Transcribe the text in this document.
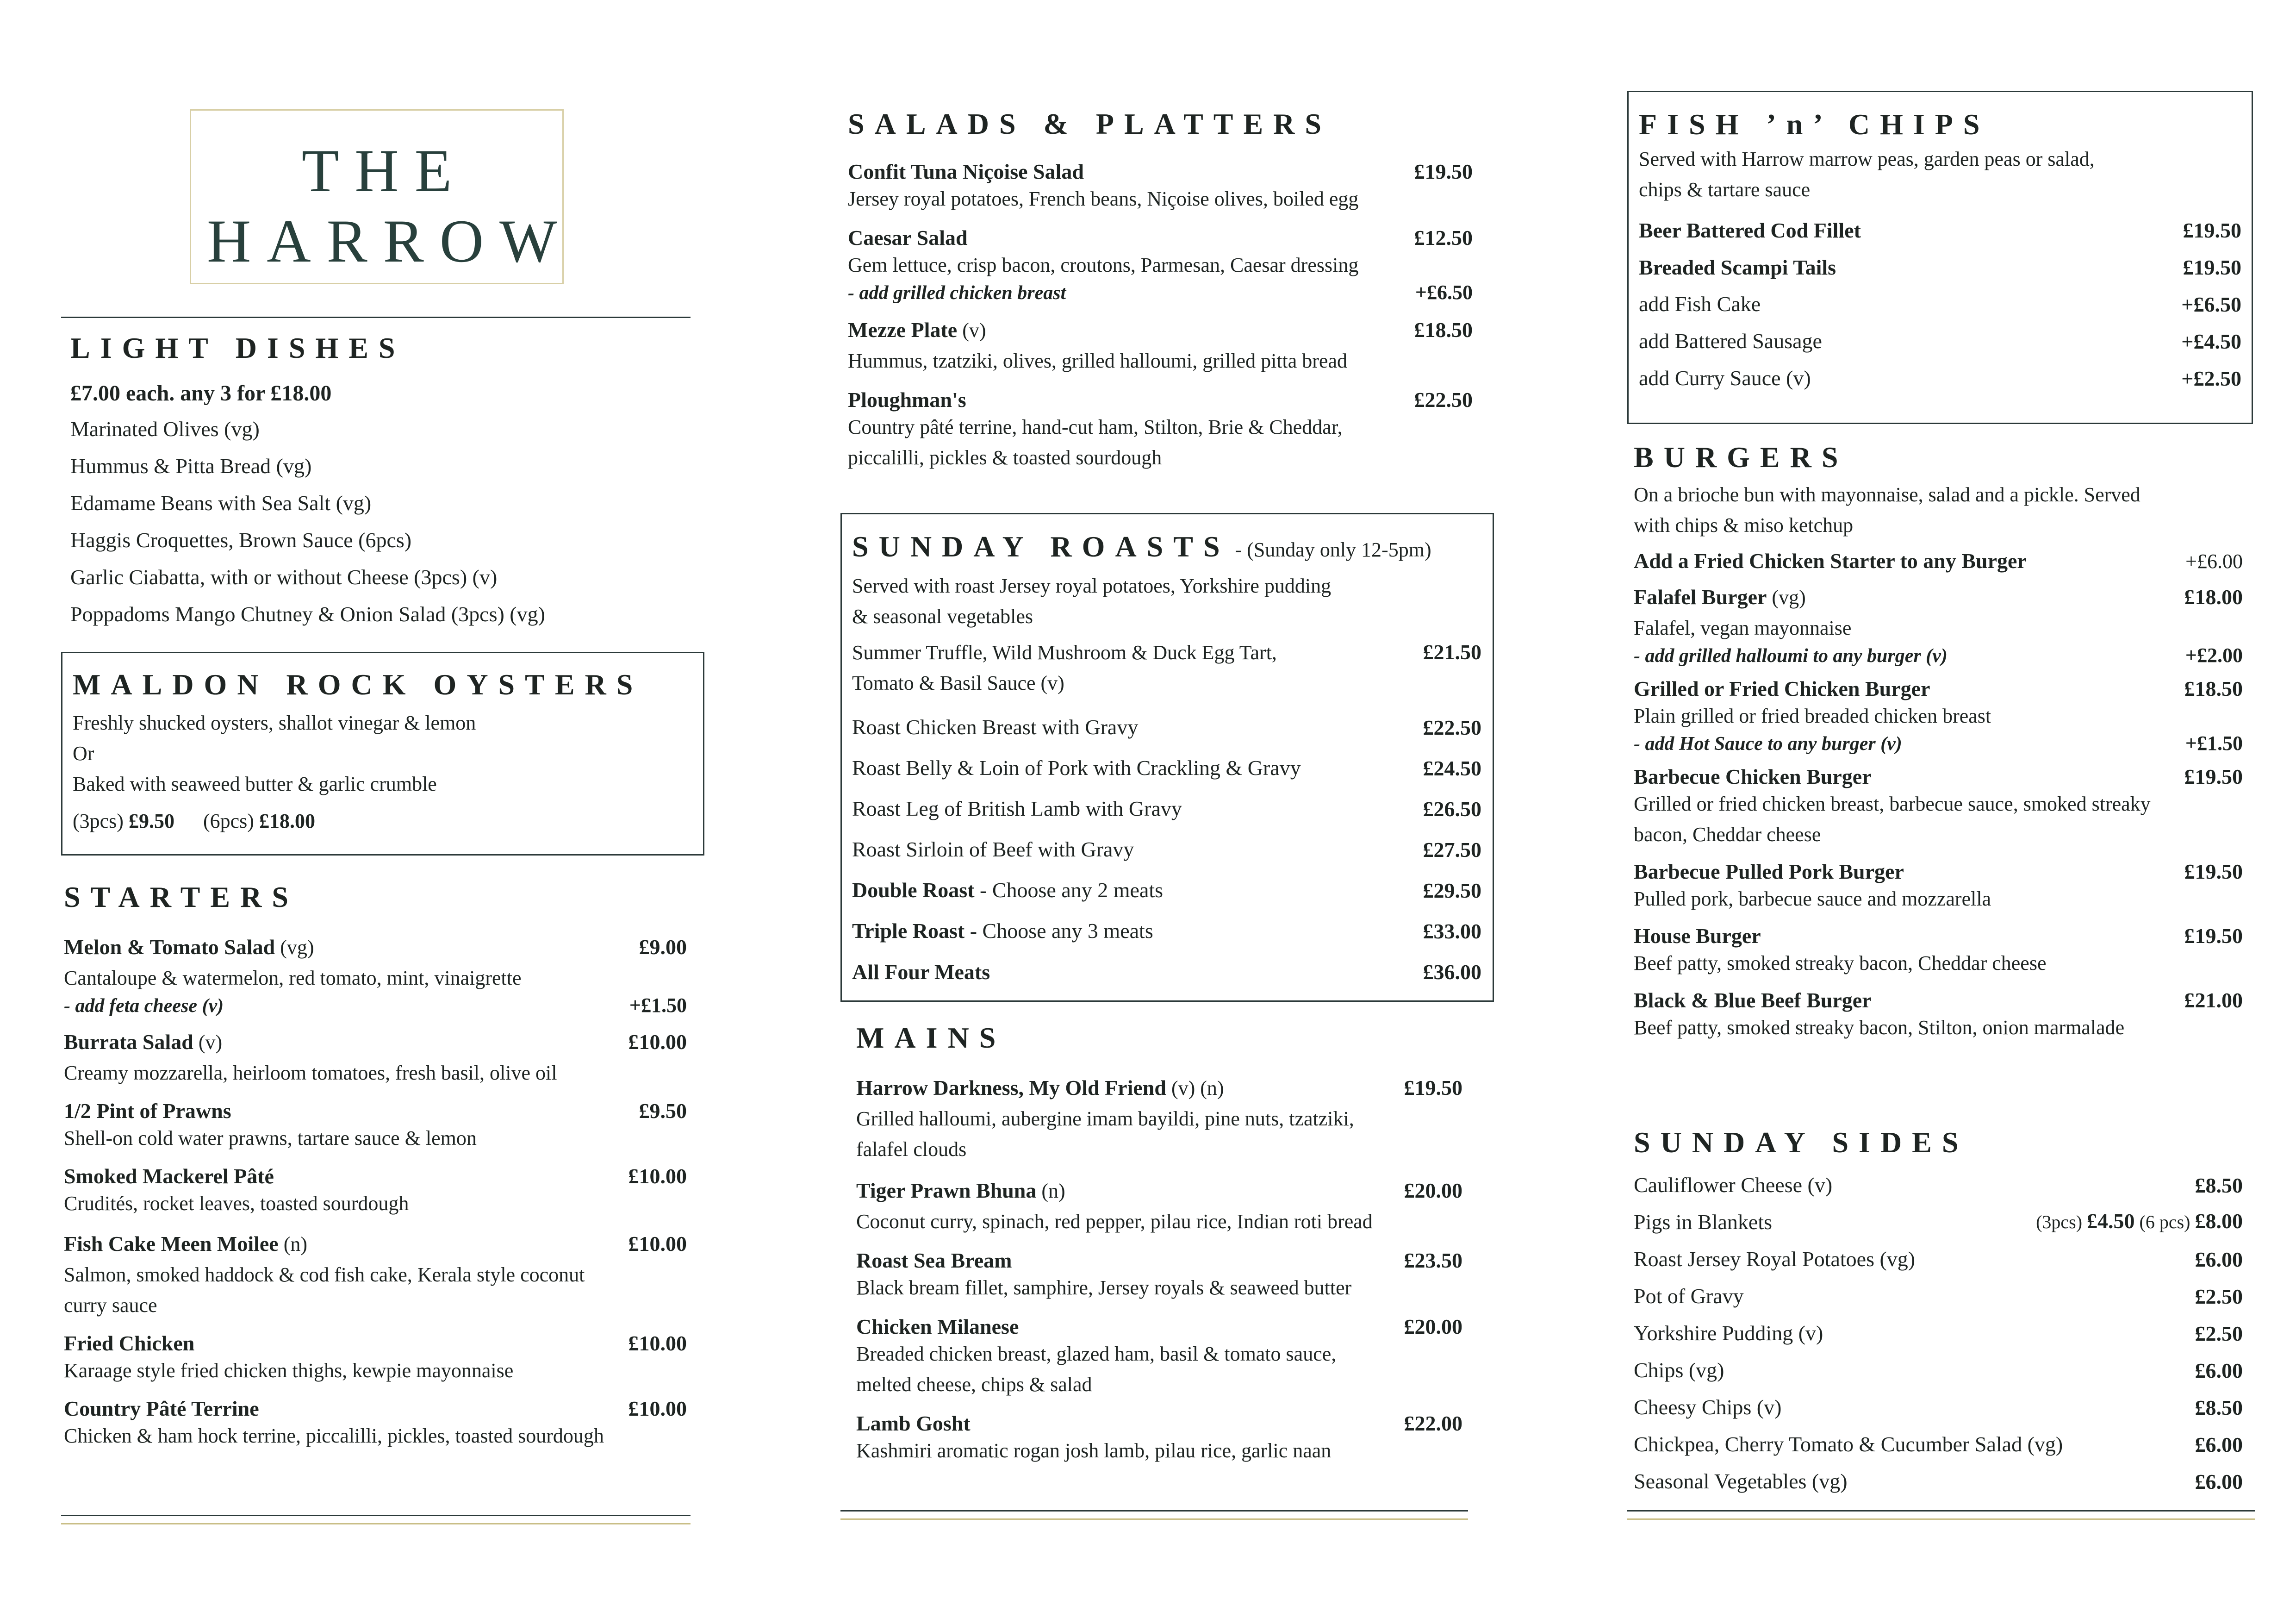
THE
HARROW
LIGHT DISHES
£7.00 each. any 3 for £18.00
Marinated Olives (vg)
Hummus & Pitta Bread (vg)
Edamame Beans with Sea Salt (vg)
Haggis Croquettes, Brown Sauce (6pcs)
Garlic Ciabatta, with or without Cheese (3pcs) (v)
Poppadoms Mango Chutney & Onion Salad (3pcs) (vg)
MALDON ROCK OYSTERS
Freshly shucked oysters, shallot vinegar & lemon
Or
Baked with seaweed butter & garlic crumble
(3pcs) £9.50 (6pcs) £18.00
STARTERS
Melon & Tomato Salad (vg)	£9.00
Cantaloupe & watermelon, red tomato, mint, vinaigrette
- add feta cheese (v)	+£1.50
Burrata Salad (v)	£10.00
Creamy mozzarella, heirloom tomatoes, fresh basil, olive oil
1/2 Pint of Prawns	£9.50
Shell-on cold water prawns, tartare sauce & lemon
Smoked Mackerel Pâté	£10.00
Crudités, rocket leaves, toasted sourdough
Fish Cake Meen Moilee (n)	£10.00
Salmon, smoked haddock & cod fish cake, Kerala style coconut
curry sauce
Fried Chicken	£10.00
Karaage style fried chicken thighs, kewpie mayonnaise
Country Pâté Terrine	£10.00
Chicken & ham hock terrine, piccalilli, pickles, toasted sourdough
SALADS & PLATTERS
Confit Tuna Niçoise Salad	£19.50
Jersey royal potatoes, French beans, Niçoise olives, boiled egg
Caesar Salad	£12.50
Gem lettuce, crisp bacon, croutons, Parmesan, Caesar dressing
- add grilled chicken breast	+£6.50
Mezze Plate (v)	£18.50
Hummus, tzatziki, olives, grilled halloumi, grilled pitta bread
Ploughman's	£22.50
Country pâté terrine, hand-cut ham, Stilton, Brie & Cheddar,
piccalilli, pickles & toasted sourdough
SUNDAY ROASTS - (Sunday only 12-5pm)
Served with roast Jersey royal potatoes, Yorkshire pudding
& seasonal vegetables
Summer Truffle, Wild Mushroom & Duck Egg Tart,	£21.50
Tomato & Basil Sauce (v)
Roast Chicken Breast with Gravy	£22.50
Roast Belly & Loin of Pork with Crackling & Gravy	£24.50
Roast Leg of British Lamb with Gravy	£26.50
Roast Sirloin of Beef with Gravy	£27.50
Double Roast - Choose any 2 meats	£29.50
Triple Roast - Choose any 3 meats	£33.00
All Four Meats	£36.00
MAINS
Harrow Darkness, My Old Friend (v) (n)	£19.50
Grilled halloumi, aubergine imam bayildi, pine nuts, tzatziki,
falafel clouds
Tiger Prawn Bhuna (n)	£20.00
Coconut curry, spinach, red pepper, pilau rice, Indian roti bread
Roast Sea Bream	£23.50
Black bream fillet, samphire, Jersey royals & seaweed butter
Chicken Milanese	£20.00
Breaded chicken breast, glazed ham, basil & tomato sauce,
melted cheese, chips & salad
Lamb Gosht	£22.00
Kashmiri aromatic rogan josh lamb, pilau rice, garlic naan
FISH ’n’ CHIPS
Served with Harrow marrow peas, garden peas or salad,
chips & tartare sauce
Beer Battered Cod Fillet	£19.50
Breaded Scampi Tails	£19.50
add Fish Cake	+£6.50
add Battered Sausage	+£4.50
add Curry Sauce (v)	+£2.50
BURGERS
On a brioche bun with mayonnaise, salad and a pickle. Served
with chips & miso ketchup
Add a Fried Chicken Starter to any Burger	+£6.00
Falafel Burger (vg)	£18.00
Falafel, vegan mayonnaise
- add grilled halloumi to any burger (v)	+£2.00
Grilled or Fried Chicken Burger	£18.50
Plain grilled or fried breaded chicken breast
- add Hot Sauce to any burger (v)	+£1.50
Barbecue Chicken Burger	£19.50
Grilled or fried chicken breast, barbecue sauce, smoked streaky
bacon, Cheddar cheese
Barbecue Pulled Pork Burger	£19.50
Pulled pork, barbecue sauce and mozzarella
House Burger	£19.50
Beef patty, smoked streaky bacon, Cheddar cheese
Black & Blue Beef Burger	£21.00
Beef patty, smoked streaky bacon, Stilton, onion marmalade
SUNDAY SIDES
Cauliflower Cheese (v)	£8.50
Pigs in Blankets	(3pcs) £4.50 (6 pcs) £8.00
Roast Jersey Royal Potatoes (vg)	£6.00
Pot of Gravy	£2.50
Yorkshire Pudding (v)	£2.50
Chips (vg)	£6.00
Cheesy Chips (v)	£8.50
Chickpea, Cherry Tomato & Cucumber Salad (vg)	£6.00
Seasonal Vegetables (vg)	£6.00
